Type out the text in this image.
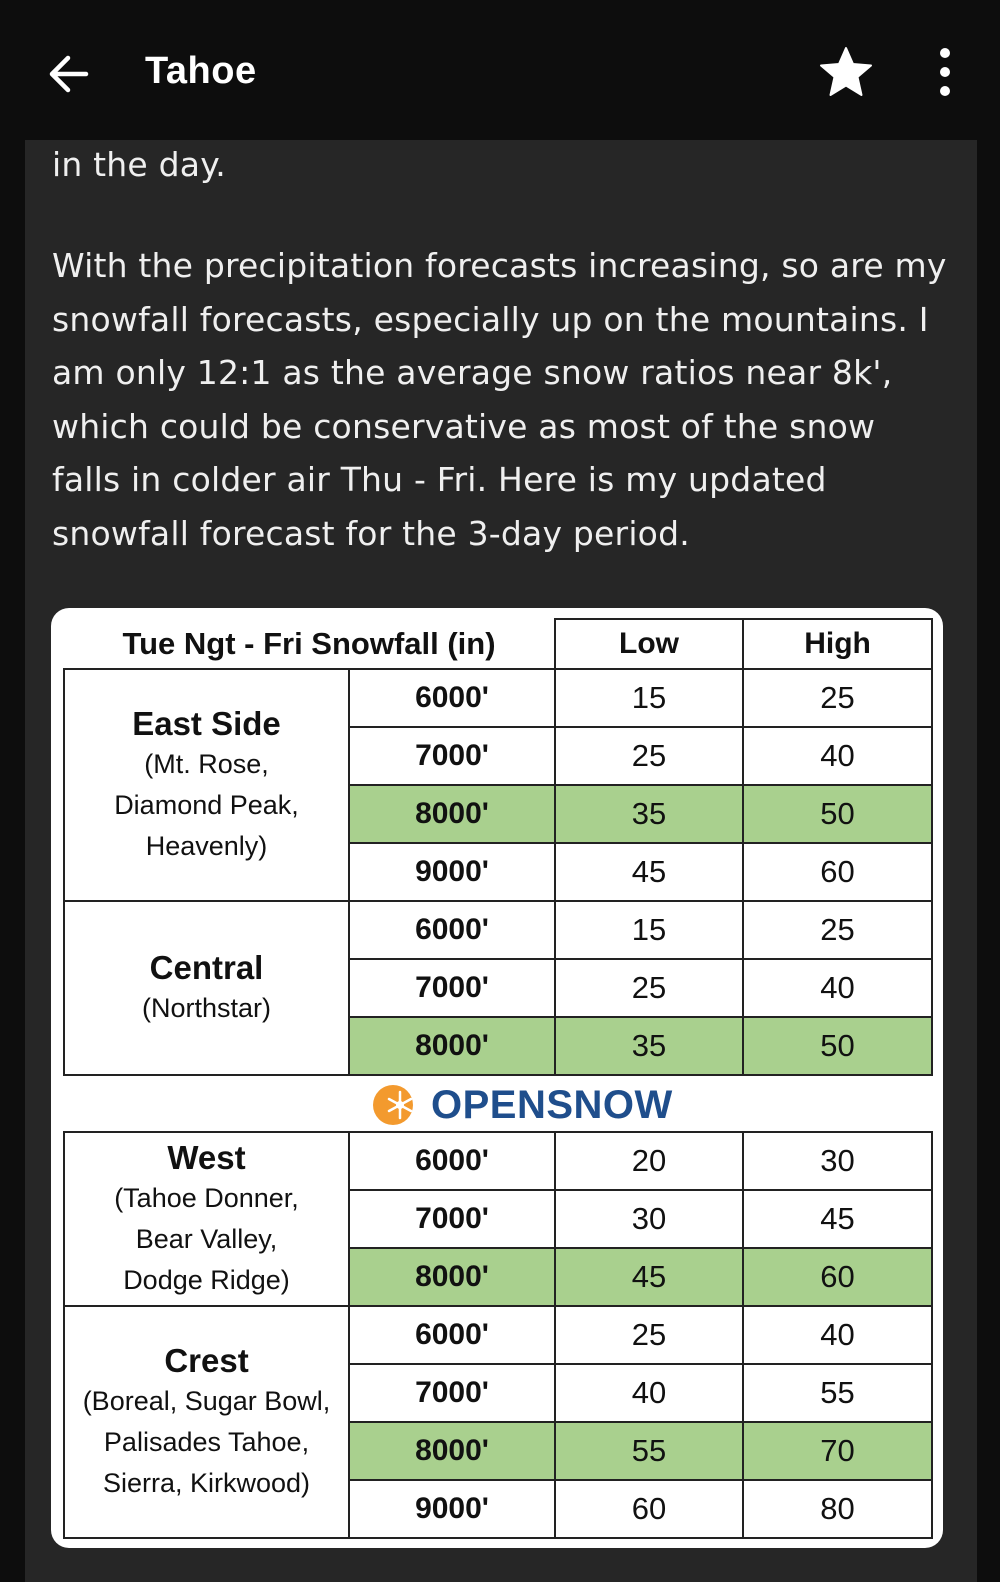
Tahoe

in the day.

With the precipitation forecasts increasing, so are my snowfall forecasts, especially up on the mountains. I am only 12:1 as the average snow ratios near 8k', which could be conservative as most of the snow falls in colder air Thu - Fri. Here is my updated snowfall forecast for the 3-day period.

Tue Ngt - Fri Snowfall (in)		Low	High

East Side
(Mt. Rose,
Diamond Peak,
Heavenly)	6000'	15	25
	7000'	25	40
	8000'	35	50
	9000'	45	60

Central
(Northstar)	6000'	15	25
	7000'	25	40
	8000'	35	50
OPENSNOW
West
(Tahoe Donner,
Bear Valley,
Dodge Ridge)	6000'	20	30
	7000'	30	45
	8000'	45	60

Crest
(Boreal, Sugar Bowl,
Palisades Tahoe,
Sierra, Kirkwood)	6000'	25	40
	7000'	40	55
	8000'	55	70
	9000'	60	80
